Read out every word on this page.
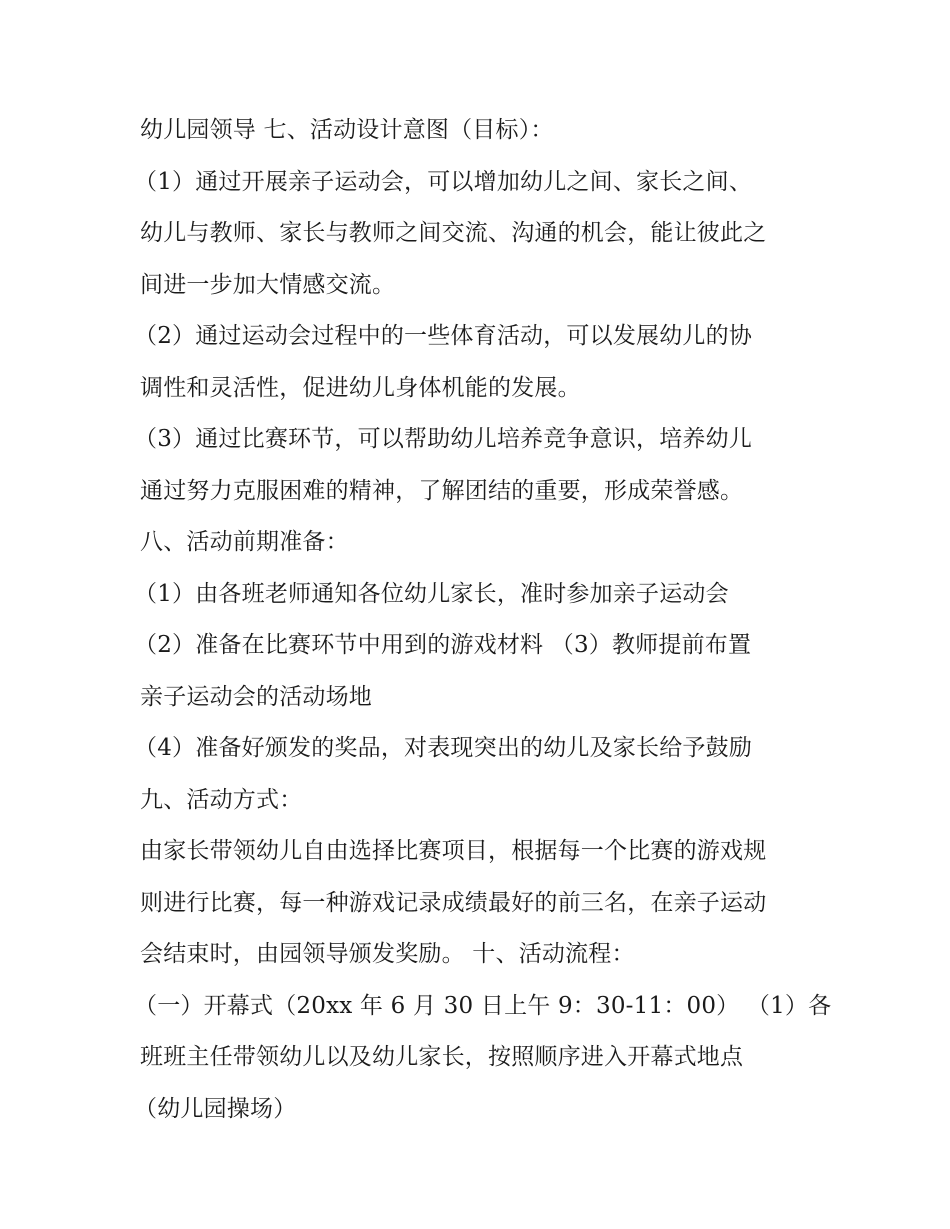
幼儿园领导 七、活动设计意图（目标）：
（1）通过开展亲子运动会，可以增加幼儿之间、家长之间、
幼儿与教师、家长与教师之间交流、沟通的机会，能让彼此之
间进一步加大情感交流。
（2）通过运动会过程中的一些体育活动，可以发展幼儿的协
调性和灵活性，促进幼儿身体机能的发展。
（3）通过比赛环节，可以帮助幼儿培养竞争意识，培养幼儿
通过努力克服困难的精神，了解团结的重要，形成荣誉感。
八、活动前期准备：
（1）由各班老师通知各位幼儿家长，准时参加亲子运动会
（2）准备在比赛环节中用到的游戏材料 （3）教师提前布置
亲子运动会的活动场地
（4）准备好颁发的奖品，对表现突出的幼儿及家长给予鼓励
九、活动方式：
由家长带领幼儿自由选择比赛项目，根据每一个比赛的游戏规
则进行比赛，每一种游戏记录成绩最好的前三名，在亲子运动
会结束时，由园领导颁发奖励。 十、活动流程：
（一）开幕式（20xx 年 6 月 30 日上午 9：30-11：00） （1）各
班班主任带领幼儿以及幼儿家长，按照顺序进入开幕式地点
（幼儿园操场）
